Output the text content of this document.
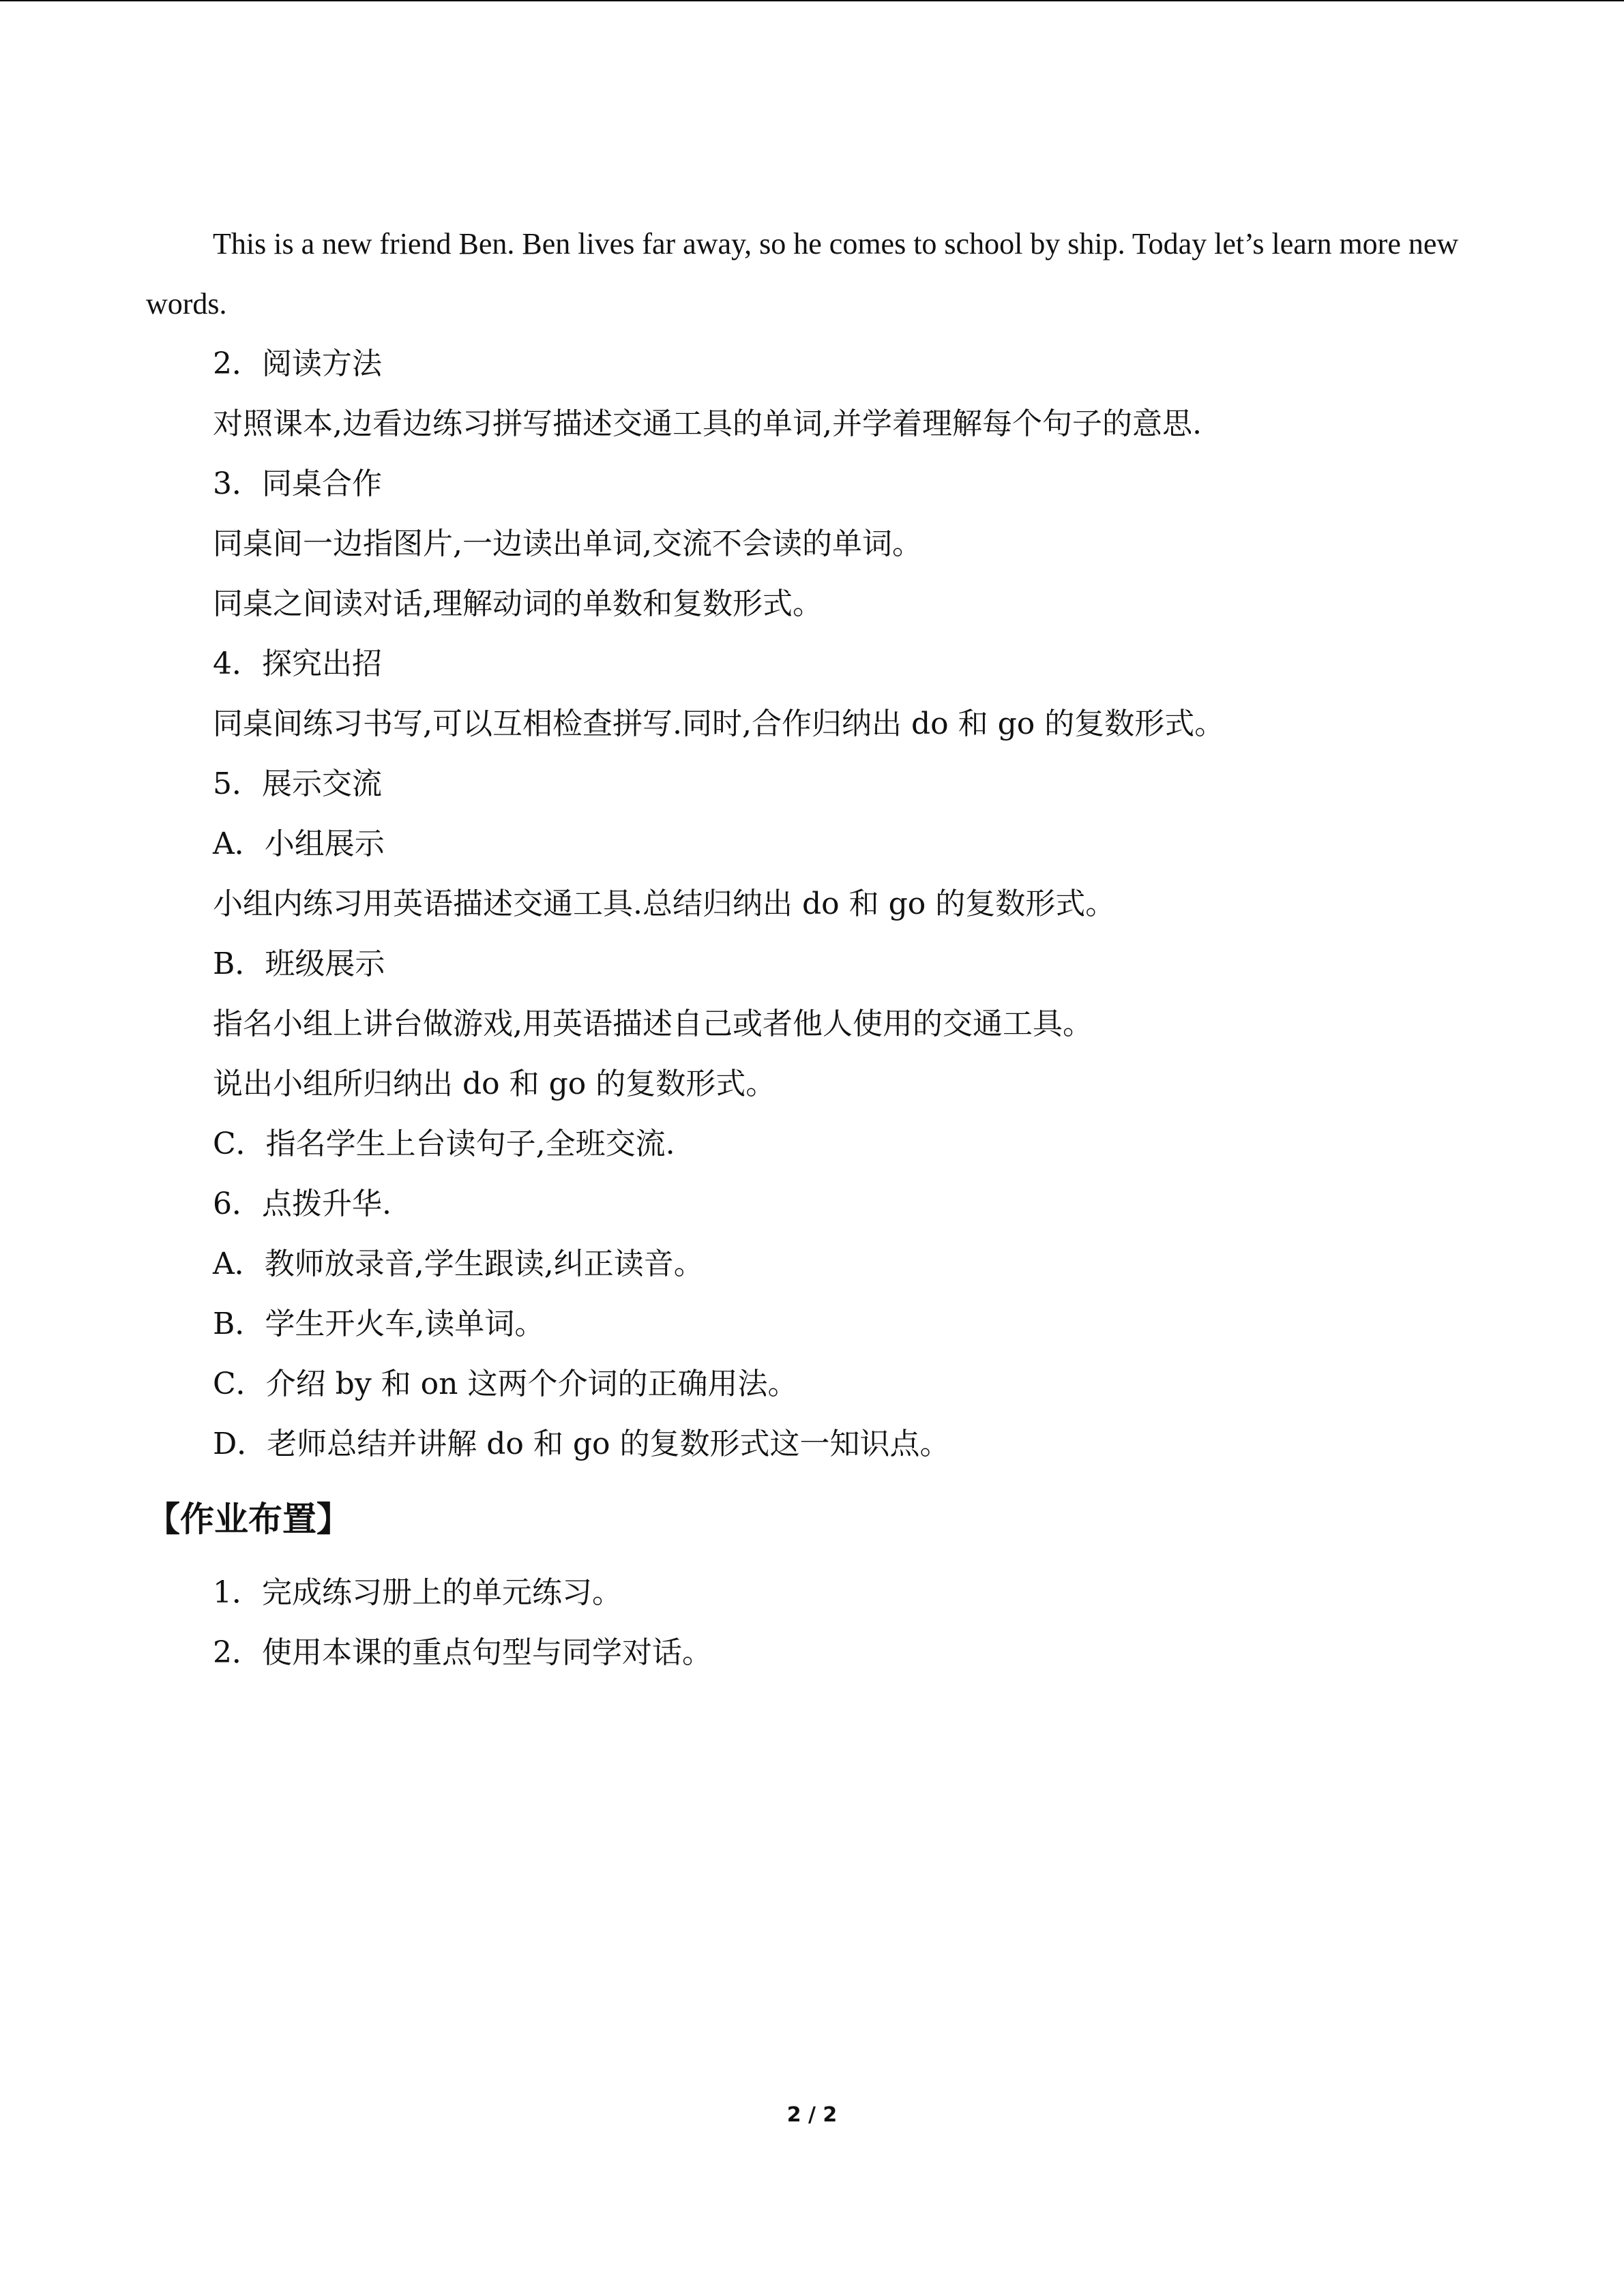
This is a new friend Ben. Ben lives far away, so he comes to school by ship. Today let’s learn more new words.

2．阅读方法

对照课本,边看边练习拼写描述交通工具的单词,并学着理解每个句子的意思.

3．同桌合作

同桌间一边指图片,一边读出单词,交流不会读的单词。

同桌之间读对话,理解动词的单数和复数形式。

4．探究出招

同桌间练习书写,可以互相检查拼写.同时,合作归纳出 do 和 go 的复数形式。

5．展示交流

A．小组展示

小组内练习用英语描述交通工具.总结归纳出 do 和 go 的复数形式。

B．班级展示

指名小组上讲台做游戏,用英语描述自己或者他人使用的交通工具。

说出小组所归纳出 do 和 go 的复数形式。

C．指名学生上台读句子,全班交流.

6．点拨升华.

A．教师放录音,学生跟读,纠正读音。

B．学生开火车,读单词。

C．介绍 by 和 on 这两个介词的正确用法。

D．老师总结并讲解 do 和 go 的复数形式这一知识点。

【作业布置】

1．完成练习册上的单元练习。

2．使用本课的重点句型与同学对话。

2 / 2
